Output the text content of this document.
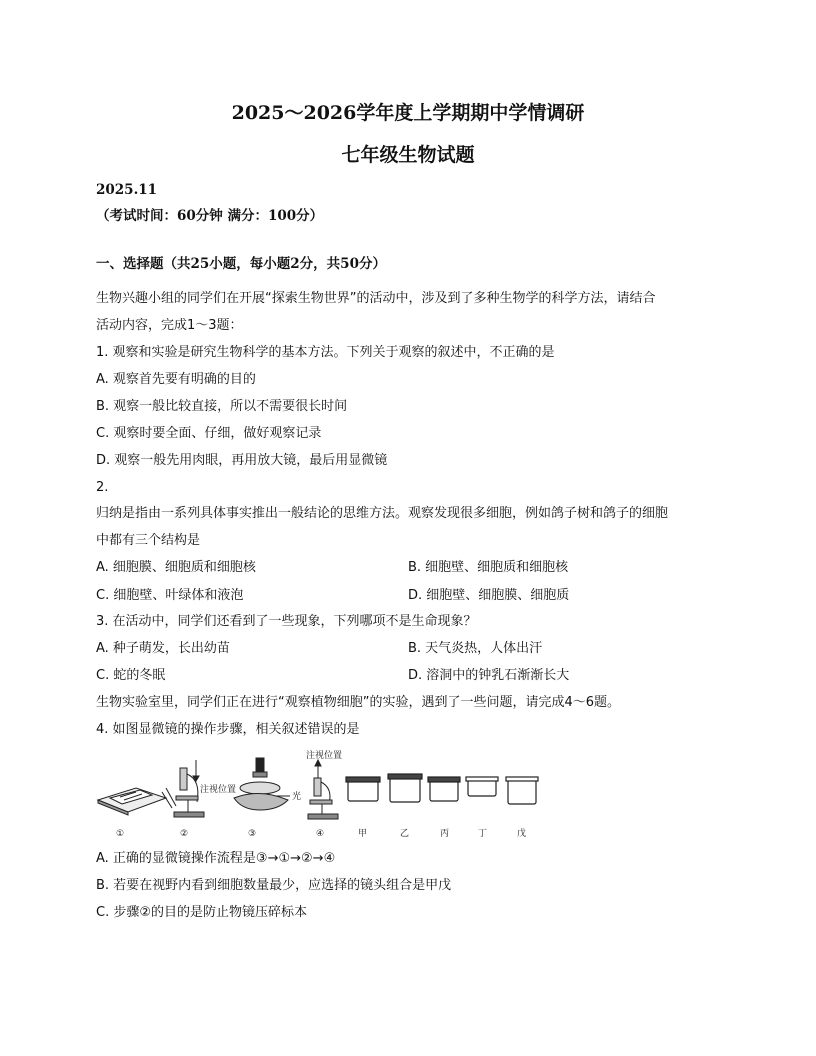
2025～2026学年度上学期期中学情调研
七年级生物试题
2025.11
（考试时间：60分钟 满分：100分）
一、选择题（共25小题，每小题2分，共50分）
生物兴趣小组的同学们在开展“探索生物世界”的活动中，涉及到了多种生物学的科学方法，请结合
活动内容，完成1～3题：
1. 观察和实验是研究生物科学的基本方法。下列关于观察的叙述中，不正确的是
A. 观察首先要有明确的目的
B. 观察一般比较直接，所以不需要很长时间
C. 观察时要全面、仔细，做好观察记录
D. 观察一般先用肉眼，再用放大镜，最后用显微镜
2.
归纳是指由一系列具体事实推出一般结论的思维方法。观察发现很多细胞，例如鸽子树和鸽子的细胞
中都有三个结构是
A. 细胞膜、细胞质和细胞核	B. 细胞壁、细胞质和细胞核
C. 细胞壁、叶绿体和液泡	D. 细胞壁、细胞膜、细胞质
3. 在活动中，同学们还看到了一些现象，下列哪项不是生命现象？
A. 种子萌发，长出幼苗	B. 天气炎热，人体出汗
C. 蛇的冬眠	D. 溶洞中的钟乳石渐渐长大
生物实验室里，同学们正在进行“观察植物细胞”的实验，遇到了一些问题，请完成4～6题。
4. 如图显微镜的操作步骤，相关叙述错误的是
注视位置
光
注视位置
①	②	③	④	甲	乙	丙	丁	戊
A. 正确的显微镜操作流程是③→①→②→④
B. 若要在视野内看到细胞数量最少，应选择的镜头组合是甲戊
C. 步骤②的目的是防止物镜压碎标本
